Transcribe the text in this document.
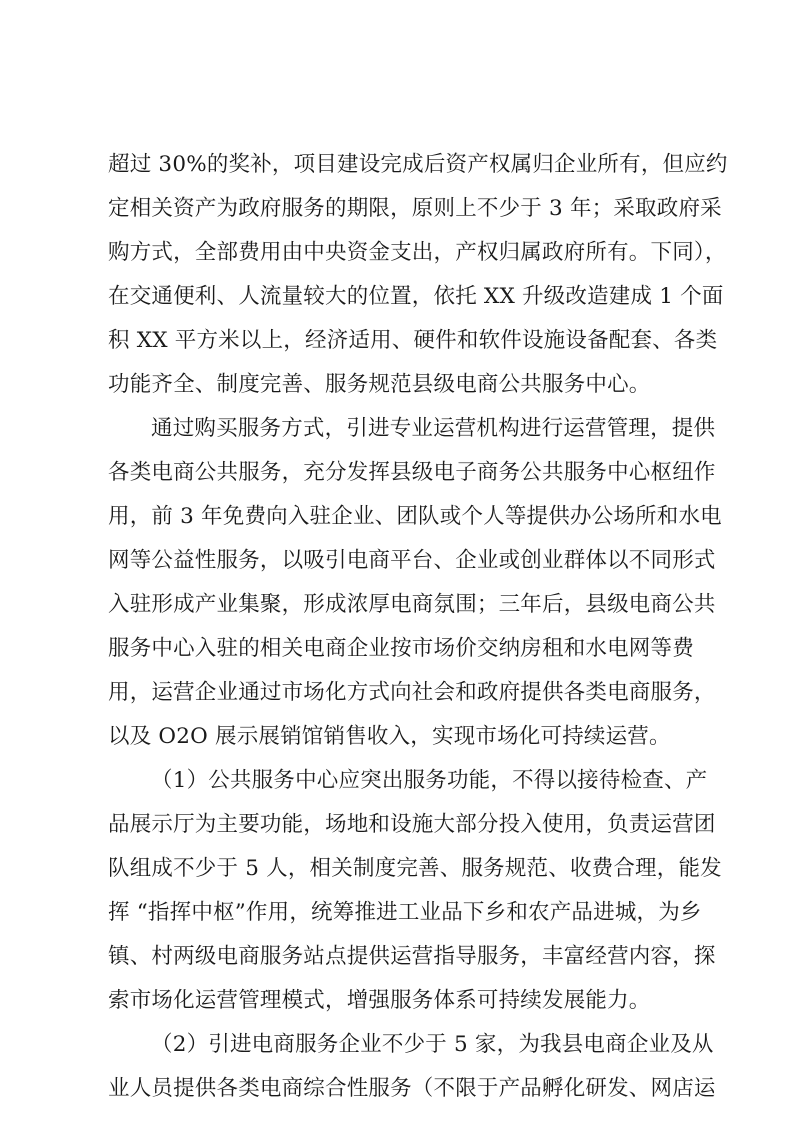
超过 30%的奖补，项目建设完成后资产权属归企业所有，但应约
定相关资产为政府服务的期限，原则上不少于 3 年；采取政府采
购方式，全部费用由中央资金支出，产权归属政府所有。下同），
在交通便利、人流量较大的位置，依托 XX 升级改造建成 1 个面
积 XX 平方米以上，经济适用、硬件和软件设施设备配套、各类
功能齐全、制度完善、服务规范县级电商公共服务中心。
通过购买服务方式，引进专业运营机构进行运营管理，提供
各类电商公共服务，充分发挥县级电子商务公共服务中心枢纽作
用，前 3 年免费向入驻企业、团队或个人等提供办公场所和水电
网等公益性服务，以吸引电商平台、企业或创业群体以不同形式
入驻形成产业集聚，形成浓厚电商氛围；三年后，县级电商公共
服务中心入驻的相关电商企业按市场价交纳房租和水电网等费
用，运营企业通过市场化方式向社会和政府提供各类电商服务，
以及 O2O 展示展销馆销售收入，实现市场化可持续运营。
（1）公共服务中心应突出服务功能，不得以接待检查、产
品展示厅为主要功能，场地和设施大部分投入使用，负责运营团
队组成不少于 5 人，相关制度完善、服务规范、收费合理，能发
挥 “指挥中枢”作用，统筹推进工业品下乡和农产品进城，为乡
镇、村两级电商服务站点提供运营指导服务，丰富经营内容，探
索市场化运营管理模式，增强服务体系可持续发展能力。
（2）引进电商服务企业不少于 5 家，为我县电商企业及从
业人员提供各类电商综合性服务（不限于产品孵化研发、网店运
